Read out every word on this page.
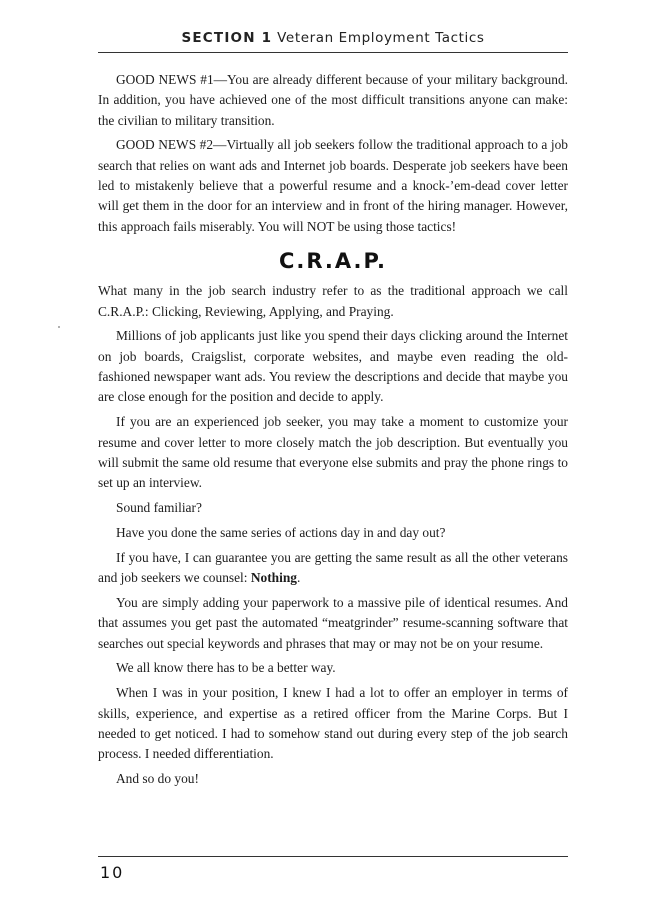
SECTION 1 Veteran Employment Tactics

GOOD NEWS #1—You are already different because of your military background. In addition, you have achieved one of the most difficult transitions anyone can make: the civilian to military transition.

GOOD NEWS #2—Virtually all job seekers follow the traditional approach to a job search that relies on want ads and Internet job boards. Desperate job seekers have been led to mistakenly believe that a powerful resume and a knock-’em-dead cover letter will get them in the door for an interview and in front of the hiring manager. However, this approach fails miserably. You will NOT be using those tactics!

C.R.A.P.

What many in the job search industry refer to as the traditional approach we call C.R.A.P.: Clicking, Reviewing, Applying, and Praying.

Millions of job applicants just like you spend their days clicking around the Internet on job boards, Craigslist, corporate websites, and maybe even reading the old-fashioned newspaper want ads. You review the descriptions and decide that maybe you are close enough for the position and decide to apply.

If you are an experienced job seeker, you may take a moment to customize your resume and cover letter to more closely match the job description. But eventually you will submit the same old resume that everyone else submits and pray the phone rings to set up an interview.

Sound familiar?

Have you done the same series of actions day in and day out?

If you have, I can guarantee you are getting the same result as all the other veterans and job seekers we counsel: Nothing.

You are simply adding your paperwork to a massive pile of identical resumes. And that assumes you get past the automated “meatgrinder” resume-scanning software that searches out special keywords and phrases that may or may not be on your resume.

We all know there has to be a better way.

When I was in your position, I knew I had a lot to offer an employer in terms of skills, experience, and expertise as a retired officer from the Marine Corps. But I needed to get noticed. I had to somehow stand out during every step of the job search process. I needed differentiation.

And so do you!

10
